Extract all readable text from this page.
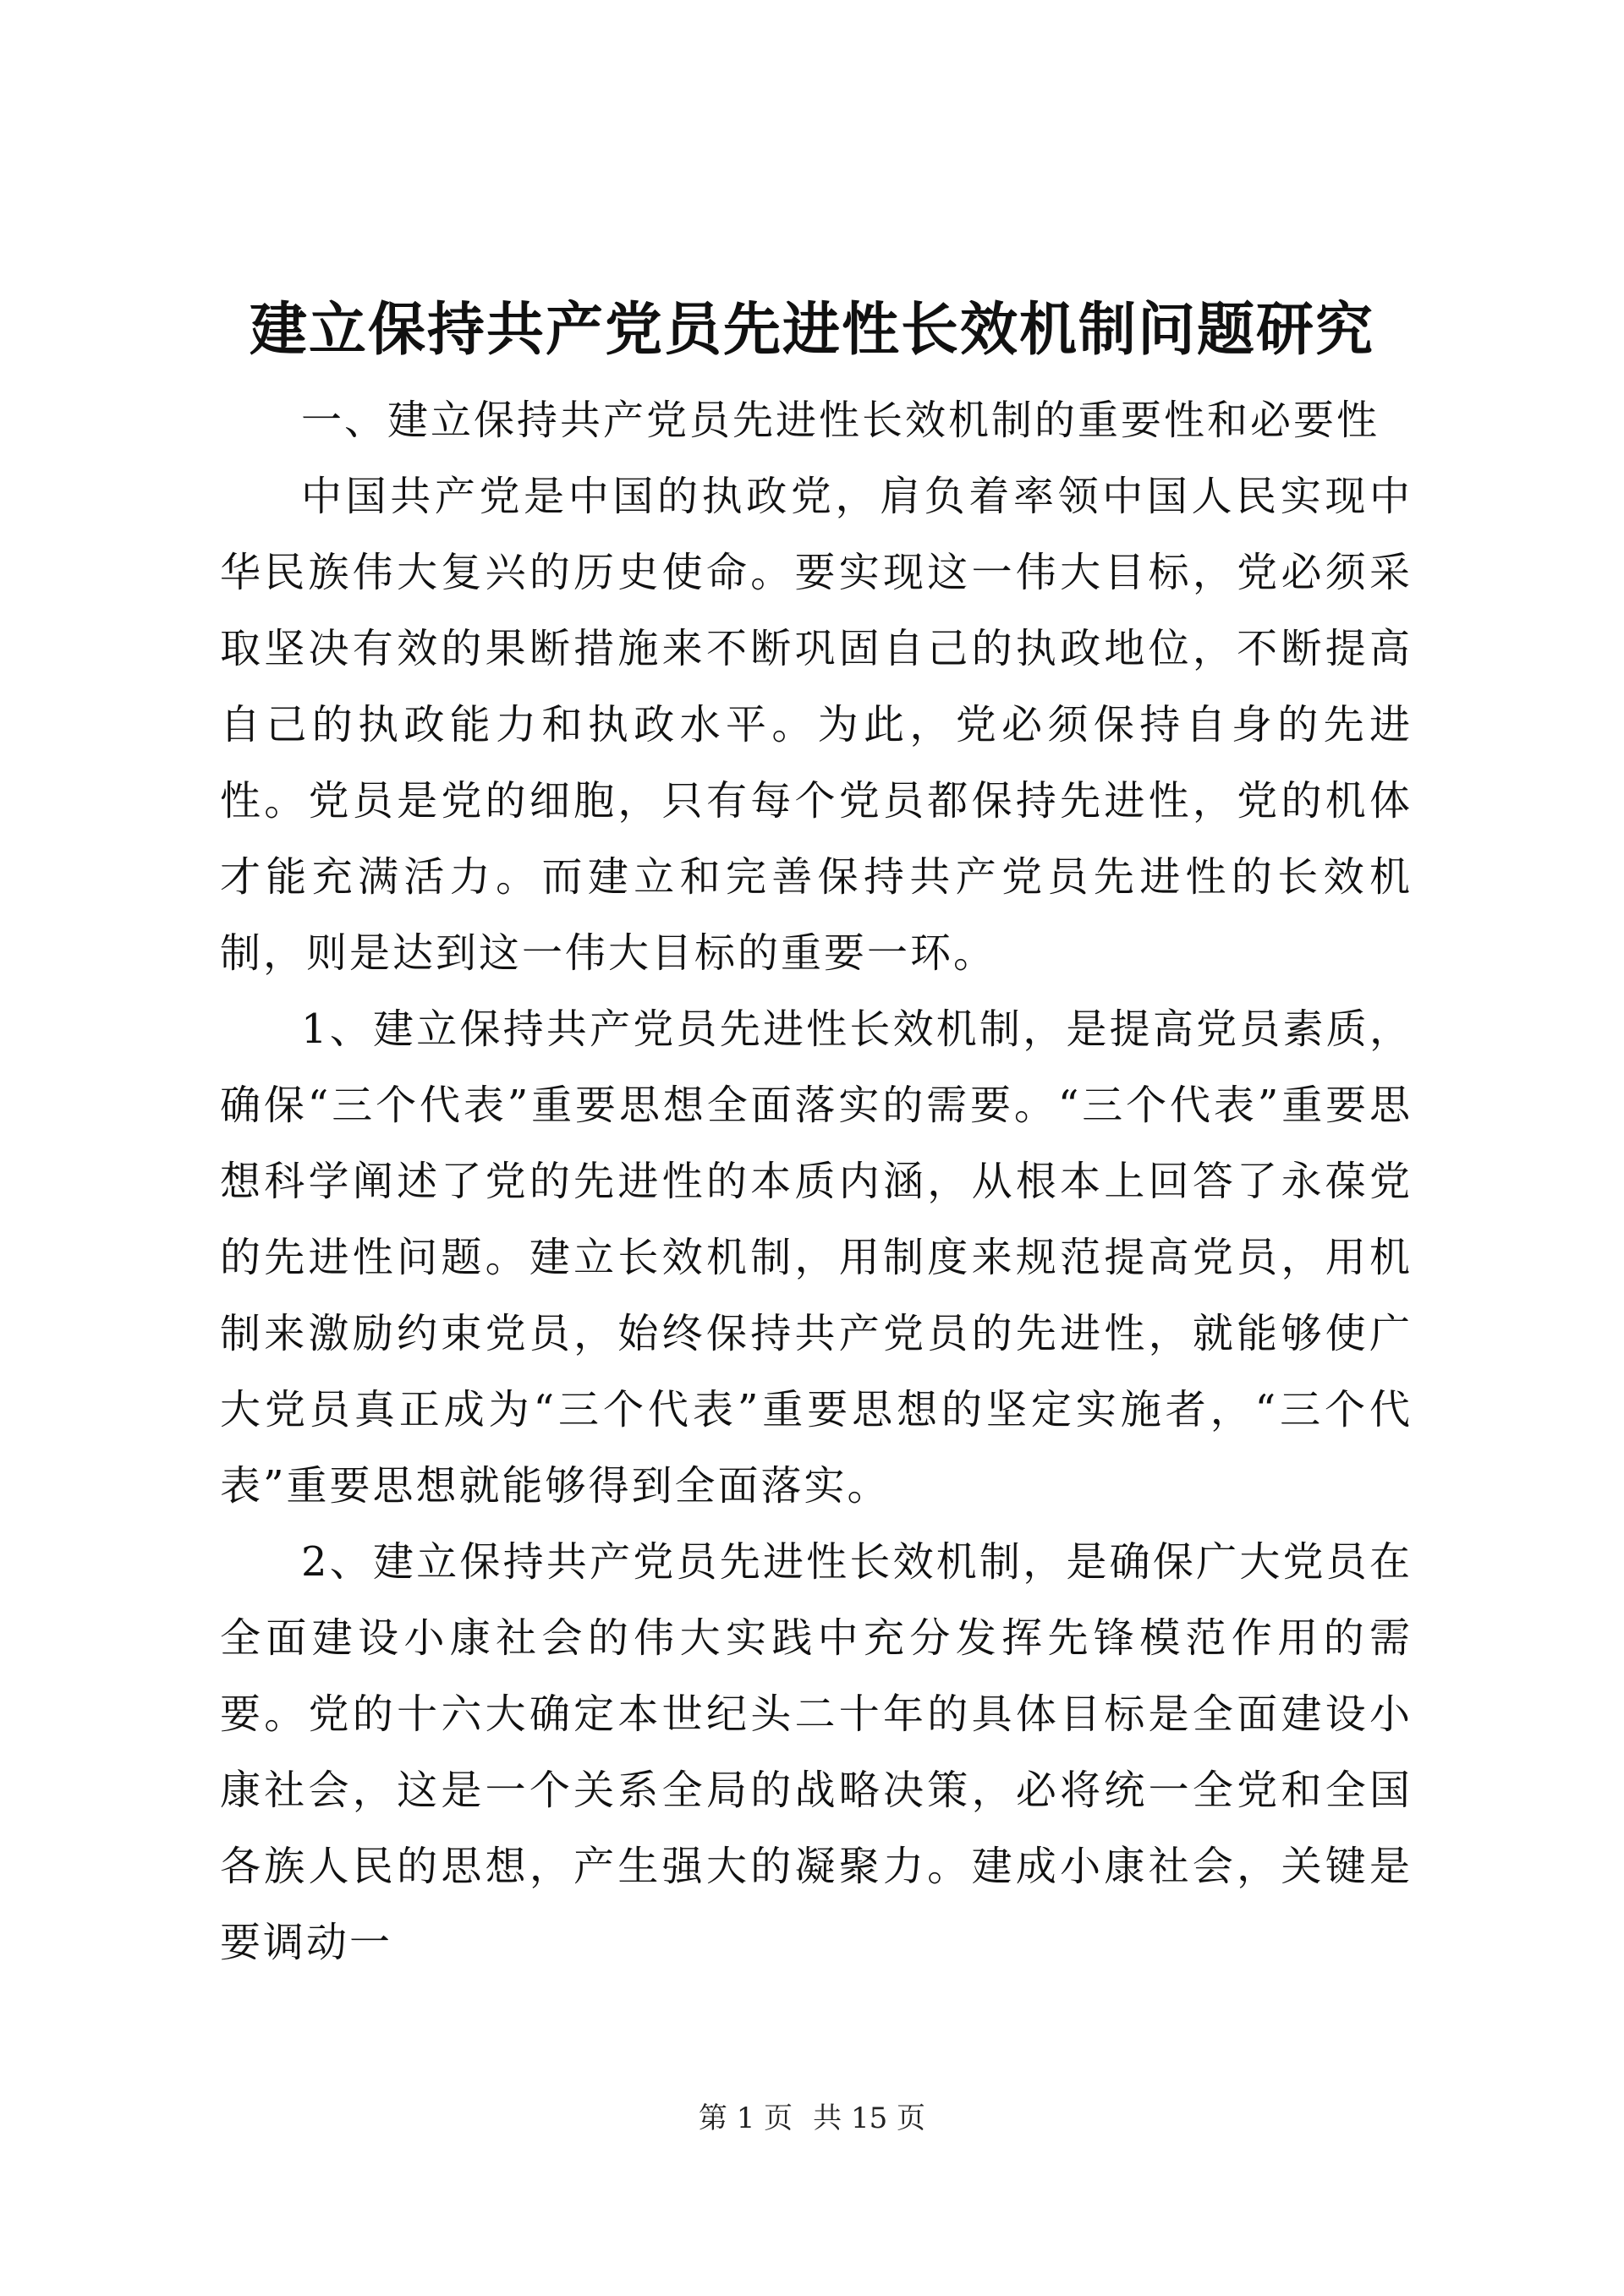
建立保持共产党员先进性长效机制问题研究

一、建立保持共产党员先进性长效机制的重要性和必要性

中国共产党是中国的执政党，肩负着率领中国人民实现中华民族伟大复兴的历史使命。要实现这一伟大目标，党必须采取坚决有效的果断措施来不断巩固自己的执政地位，不断提高自己的执政能力和执政水平。为此，党必须保持自身的先进性。党员是党的细胞，只有每个党员都保持先进性，党的机体才能充满活力。而建立和完善保持共产党员先进性的长效机制，则是达到这一伟大目标的重要一环。

1、建立保持共产党员先进性长效机制，是提高党员素质，确保“三个代表”重要思想全面落实的需要。“三个代表”重要思想科学阐述了党的先进性的本质内涵，从根本上回答了永葆党的先进性问题。建立长效机制，用制度来规范提高党员，用机制来激励约束党员，始终保持共产党员的先进性，就能够使广大党员真正成为“三个代表”重要思想的坚定实施者，“三个代表”重要思想就能够得到全面落实。

2、建立保持共产党员先进性长效机制，是确保广大党员在全面建设小康社会的伟大实践中充分发挥先锋模范作用的需要。党的十六大确定本世纪头二十年的具体目标是全面建设小康社会，这是一个关系全局的战略决策，必将统一全党和全国各族人民的思想，产生强大的凝聚力。建成小康社会，关键是要调动一

第 1 页 共 15 页
